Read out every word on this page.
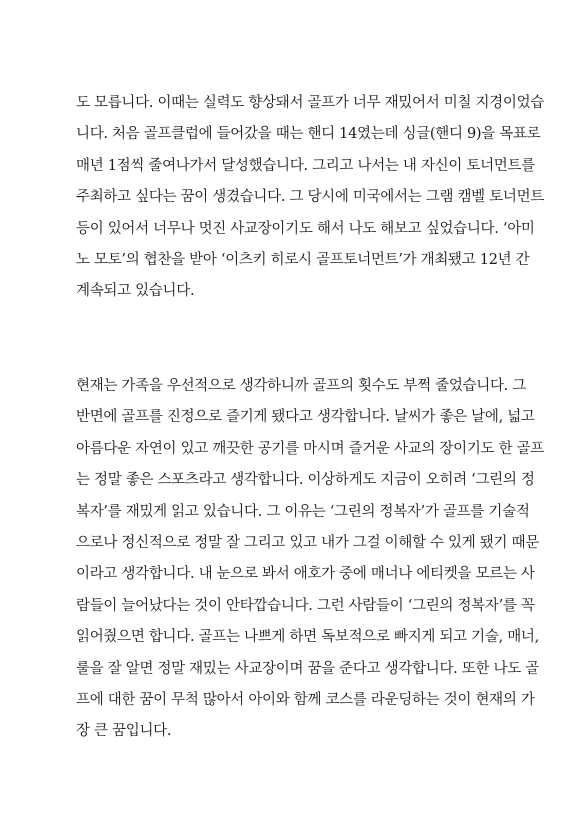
도 모릅니다. 이때는 실력도 향상돼서 골프가 너무 재밌어서 미칠 지경이었습
니다. 처음 골프클럽에 들어갔을 때는 핸디 14였는데 싱글(핸디 9)을 목표로
매년 1점씩 줄여나가서 달성했습니다. 그리고 나서는 내 자신이 토너먼트를
주최하고 싶다는 꿈이 생겼습니다. 그 당시에 미국에서는 그램 캠벨 토너먼트
등이 있어서 너무나 멋진 사교장이기도 해서 나도 해보고 싶었습니다. ‘아미
노 모토’의 협찬을 받아 ‘이츠키 히로시 골프토너먼트’가 개최됐고 12년 간
계속되고 있습니다.
현재는 가족을 우선적으로 생각하니까 골프의 횟수도 부쩍 줄었습니다. 그
반면에 골프를 진정으로 즐기게 됐다고 생각합니다. 날씨가 좋은 날에, 넓고
아름다운 자연이 있고 깨끗한 공기를 마시며 즐거운 사교의 장이기도 한 골프
는 정말 좋은 스포츠라고 생각합니다. 이상하게도 지금이 오히려 ‘그린의 정
복자’를 재밌게 읽고 있습니다. 그 이유는 ‘그린의 정복자’가 골프를 기술적
으로나 정신적으로 정말 잘 그리고 있고 내가 그걸 이해할 수 있게 됐기 때문
이라고 생각합니다. 내 눈으로 봐서 애호가 중에 매너나 에티켓을 모르는 사
람들이 늘어났다는 것이 안타깝습니다. 그런 사람들이 ‘그린의 정복자’를 꼭
읽어줬으면 합니다. 골프는 나쁘게 하면 독보적으로 빠지게 되고 기술, 매너,
룰을 잘 알면 정말 재밌는 사교장이며 꿈을 준다고 생각합니다. 또한 나도 골
프에 대한 꿈이 무척 많아서 아이와 함께 코스를 라운딩하는 것이 현재의 가
장 큰 꿈입니다.
